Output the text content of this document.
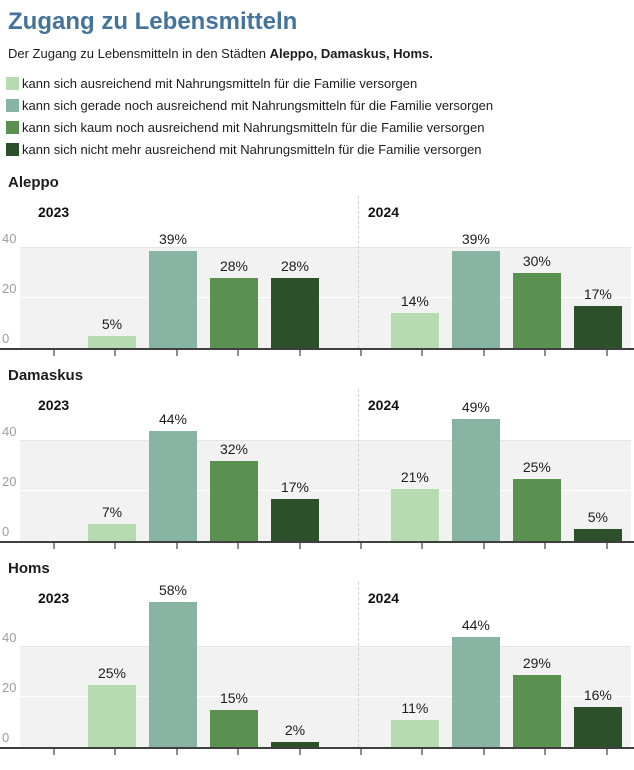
Zugang zu Lebensmitteln

Der Zugang zu Lebensmitteln in den Städten Aleppo, Damaskus, Homs.

kann sich ausreichend mit Nahrungsmitteln für die Familie versorgen
kann sich gerade noch ausreichend mit Nahrungsmitteln für die Familie versorgen
kann sich kaum noch ausreichend mit Nahrungsmitteln für die Familie versorgen
kann sich nicht mehr ausreichend mit Nahrungsmitteln für die Familie versorgen
Aleppo
2023
5%
39%
28% 28%
2024
14%
39%
30%
17%
0
20
40
Damaskus
2023
7%
44%
32%
17%
2024
21%
49%
25%
5%
0
20
40
Homs
2023
25%
58%
15%
2%
2024
11%
44%
29%
16%
0
20
40
